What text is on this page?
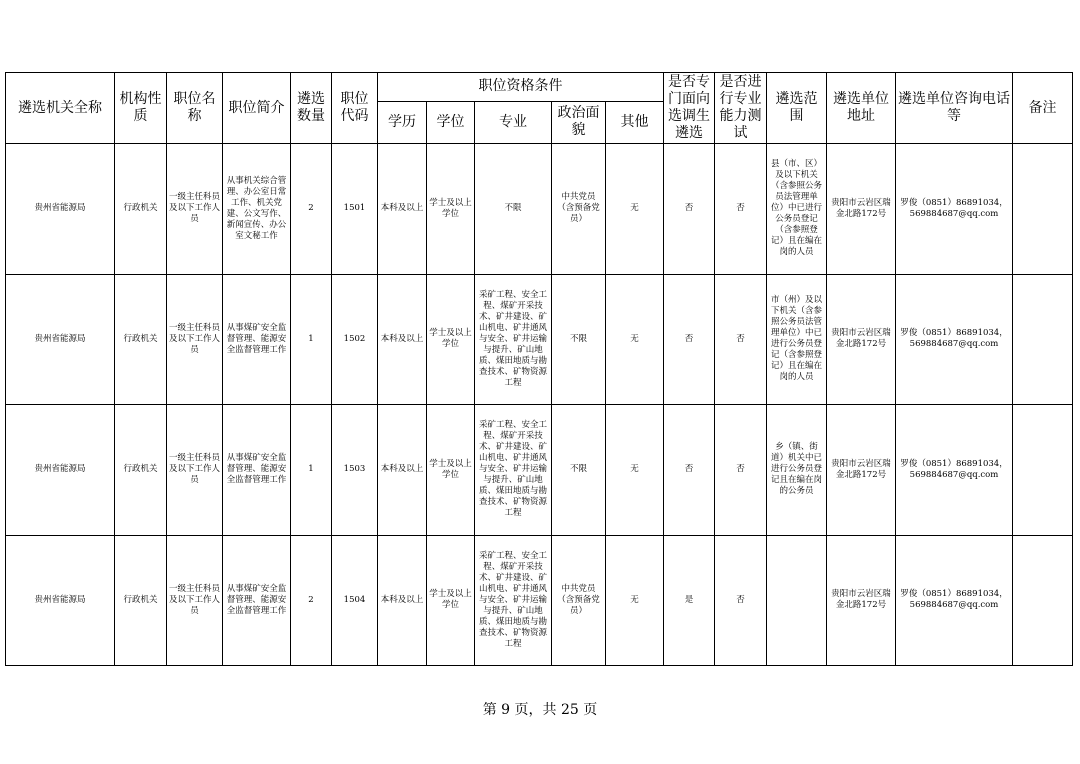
遴选机关全称	机构性质	职位名称	职位简介	遴选数量	职位代码	职位资格条件					是否专门面向选调生遴选	是否进行专业能力测试	遴选范围	遴选单位地址	遴选单位咨询电话等	备注
						学历	学位	专业	政治面貌	其他						
贵州省能源局	行政机关	一级主任科员及以下工作人员	从事机关综合管理、办公室日常工作、机关党建、公文写作、新闻宣传、办公室文秘工作	2	1501	本科及以上	学士及以上学位	不限	中共党员（含预备党员）	无	否	否	县（市、区）及以下机关（含参照公务员法管理单位）中已进行公务员登记（含参照登记）且在编在岗的人员	贵阳市云岩区瑞金北路172号	罗俊（0851）86891034，569884687@qq.com	
贵州省能源局	行政机关	一级主任科员及以下工作人员	从事煤矿安全监督管理、能源安全监督管理工作	1	1502	本科及以上	学士及以上学位	采矿工程、安全工程、煤矿开采技术、矿井建设、矿山机电、矿井通风与安全、矿井运输与提升、矿山地质、煤田地质与勘查技术、矿物资源工程	不限	无	否	否	市（州）及以下机关（含参照公务员法管理单位）中已进行公务员登记（含参照登记）且在编在岗的人员	贵阳市云岩区瑞金北路172号	罗俊（0851）86891034，569884687@qq.com	
贵州省能源局	行政机关	一级主任科员及以下工作人员	从事煤矿安全监督管理、能源安全监督管理工作	1	1503	本科及以上	学士及以上学位	采矿工程、安全工程、煤矿开采技术、矿井建设、矿山机电、矿井通风与安全、矿井运输与提升、矿山地质、煤田地质与勘查技术、矿物资源工程	不限	无	否	否	乡（镇、街道）机关中已进行公务员登记且在编在岗的公务员	贵阳市云岩区瑞金北路172号	罗俊（0851）86891034，569884687@qq.com	
贵州省能源局	行政机关	一级主任科员及以下工作人员	从事煤矿安全监督管理、能源安全监督管理工作	2	1504	本科及以上	学士及以上学位	采矿工程、安全工程、煤矿开采技术、矿井建设、矿山机电、矿井通风与安全、矿井运输与提升、矿山地质、煤田地质与勘查技术、矿物资源工程	中共党员（含预备党员）	无	是	否		贵阳市云岩区瑞金北路172号	罗俊（0851）86891034，569884687@qq.com	
第 9 页，共 25 页
